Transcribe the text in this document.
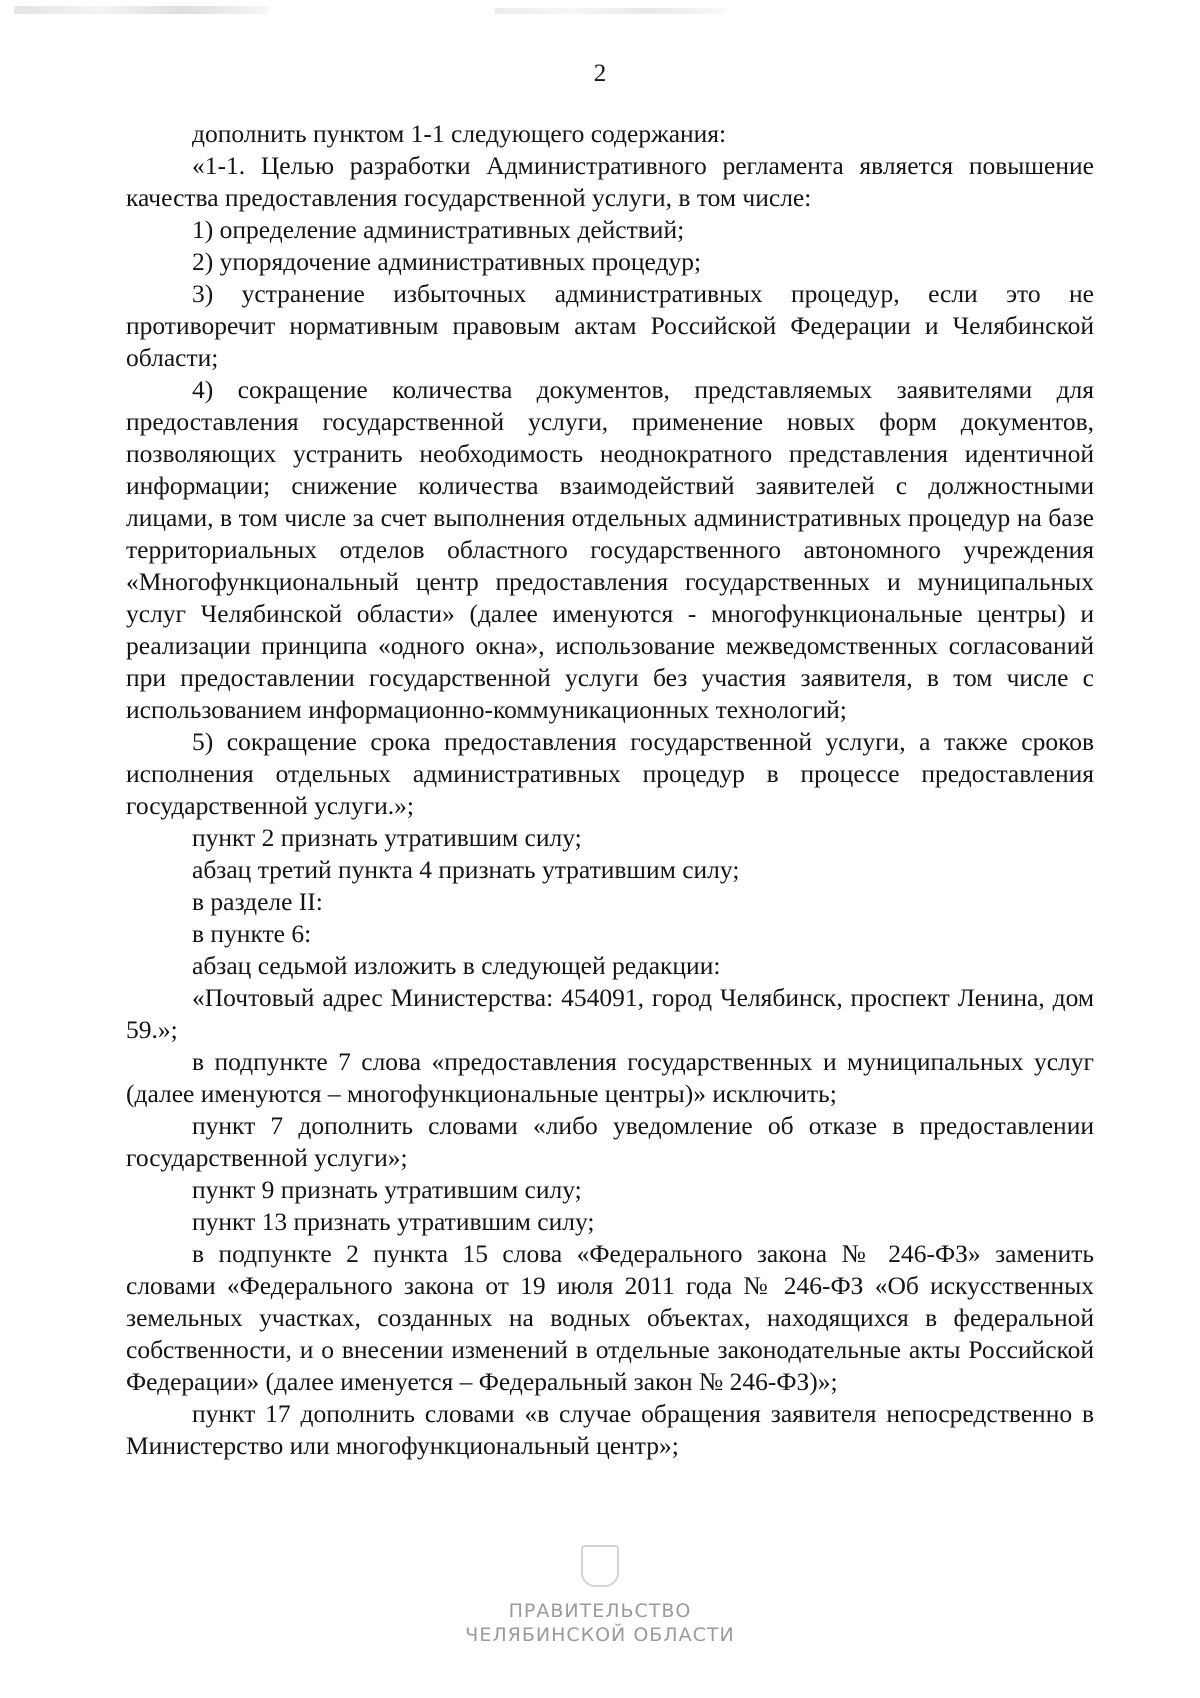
2

дополнить пунктом 1-1 следующего содержания:

«1-1. Целью разработки Административного регламента является повышение качества предоставления государственной услуги, в том числе:

1) определение административных действий;

2) упорядочение административных процедур;

3) устранение избыточных административных процедур, если это не противоречит нормативным правовым актам Российской Федерации и Челябинской области;

4) сокращение количества документов, представляемых заявителями для предоставления государственной услуги, применение новых форм документов, позволяющих устранить необходимость неоднократного представления идентичной информации; снижение количества взаимодействий заявителей с должностными лицами, в том числе за счет выполнения отдельных административных процедур на базе территориальных отделов областного государственного автономного учреждения «Многофункциональный центр предоставления государственных и муниципальных услуг Челябинской области» (далее именуются - многофункциональные центры) и реализации принципа «одного окна», использование межведомственных согласований при предоставлении государственной услуги без участия заявителя, в том числе с использованием информационно-коммуникационных технологий;

5) сокращение срока предоставления государственной услуги, а также сроков исполнения отдельных административных процедур в процессе предоставления государственной услуги.»;

пункт 2 признать утратившим силу;

абзац третий пункта 4 признать утратившим силу;

в разделе II:

в пункте 6:

абзац седьмой изложить в следующей редакции:

«Почтовый адрес Министерства: 454091, город Челябинск, проспект Ленина, дом 59.»;

в подпункте 7 слова «предоставления государственных и муниципальных услуг (далее именуются – многофункциональные центры)» исключить;

пункт 7 дополнить словами «либо уведомление об отказе в предоставлении государственной услуги»;

пункт 9 признать утратившим силу;

пункт 13 признать утратившим силу;

в подпункте 2 пункта 15 слова «Федерального закона № 246-ФЗ» заменить словами «Федерального закона от 19 июля 2011 года № 246-ФЗ «Об искусственных земельных участках, созданных на водных объектах, находящихся в федеральной собственности, и о внесении изменений в отдельные законодательные акты Российской Федерации» (далее именуется – Федеральный закон № 246-ФЗ)»;

пункт 17 дополнить словами «в случае обращения заявителя непосредственно в Министерство или многофункциональный центр»;

ПРАВИТЕЛЬСТВО
ЧЕЛЯБИНСКОЙ ОБЛАСТИ
